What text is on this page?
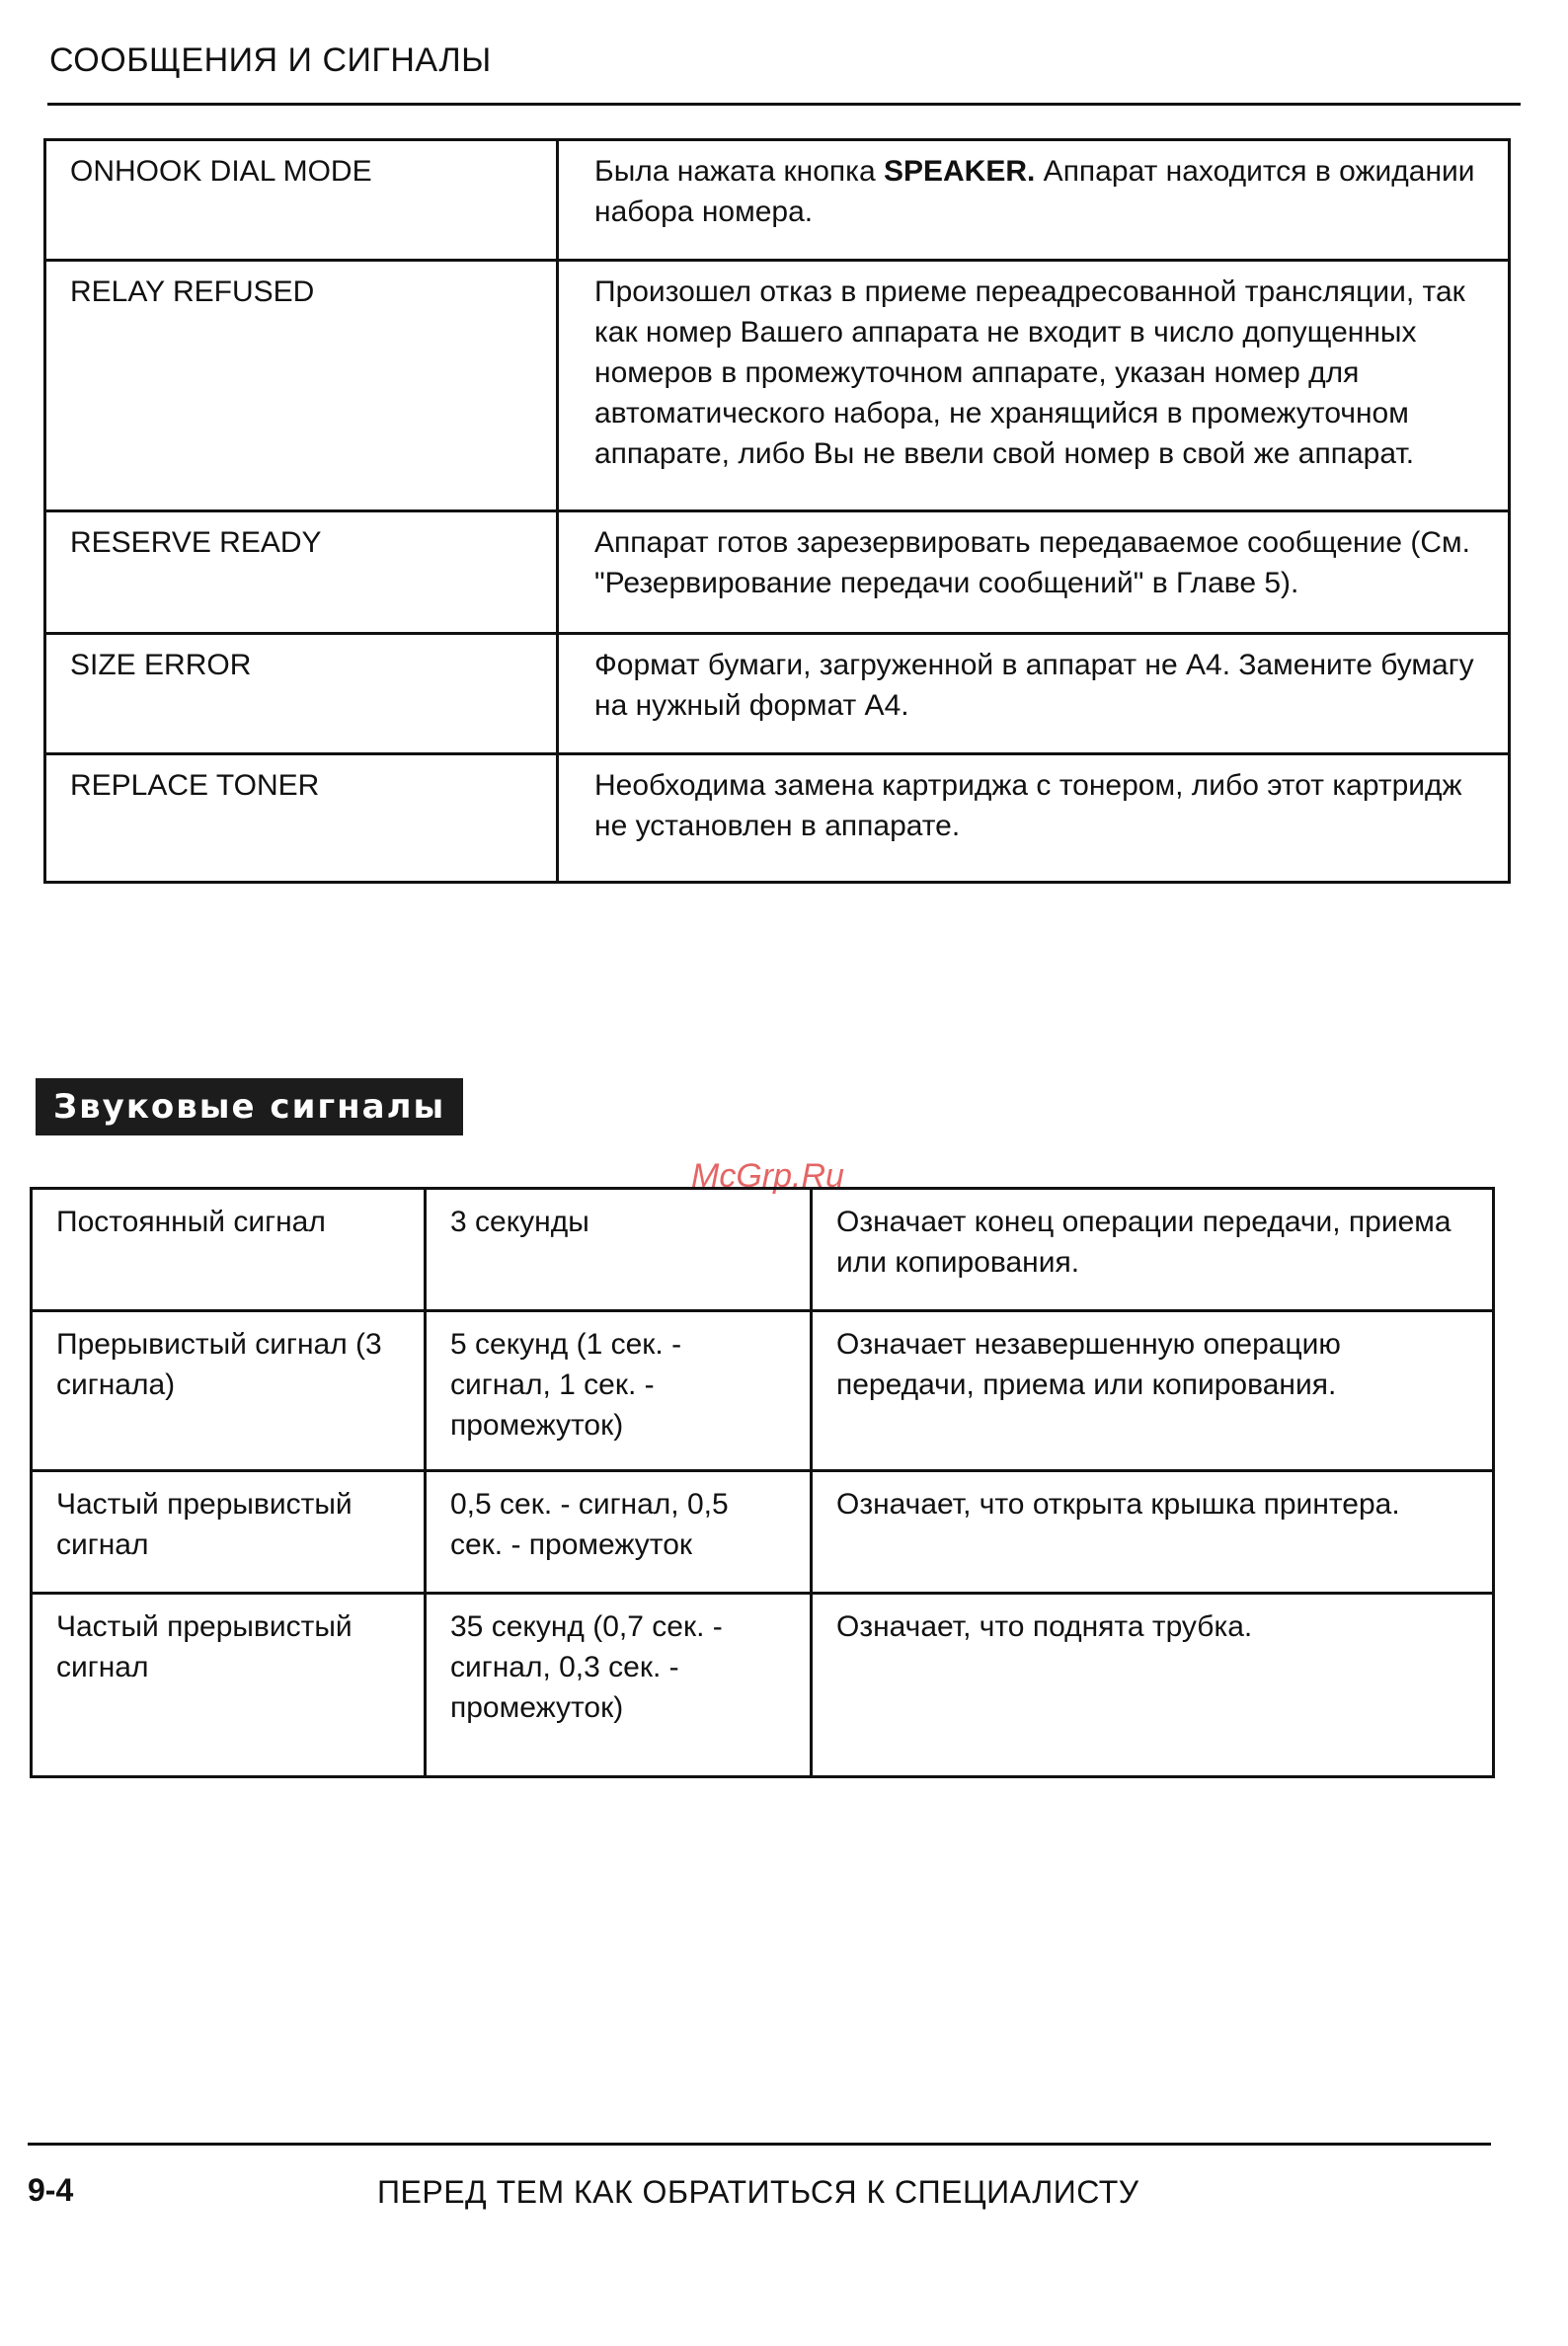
СООБЩЕНИЯ И СИГНАЛЫ
ONHOOK DIAL MODE	Была нажата кнопка SPEAKER. Аппарат находится в ожидании набора номера.
RELAY REFUSED	Произошел отказ в приеме переадресованной трансляции, так как номер Вашего аппарата не входит в число допущенных номеров в промежуточном аппарате, указан номер для автоматического набора, не хранящийся в промежуточном аппарате, либо Вы не ввели свой номер в свой же аппарат.
RESERVE READY	Аппарат готов зарезервировать передаваемое сообщение (См. "Резервирование передачи сообщений" в Главе 5).
SIZE ERROR	Формат бумаги, загруженной в аппарат не А4. Замените бумагу на нужный формат А4.
REPLACE TONER	Необходима замена картриджа с тонером, либо этот картридж не установлен в аппарате.
Звуковые сигналы
McGrp.Ru
Постоянный сигнал	3 секунды	Означает конец операции передачи, приема или копирования.
Прерывистый сигнал (3 сигнала)	5 секунд (1 сек. - сигнал, 1 сек. - промежуток)	Означает незавершенную операцию передачи, приема или копирования.
Частый прерывистый сигнал	0,5 сек. - сигнал, 0,5 сек. - промежуток	Означает, что открыта крышка принтера.
Частый прерывистый сигнал	35 секунд (0,7 сек. - сигнал, 0,3 сек. - промежуток)	Означает, что поднята трубка.
9-4	ПЕРЕД ТЕМ КАК ОБРАТИТЬСЯ К СПЕЦИАЛИСТУ
